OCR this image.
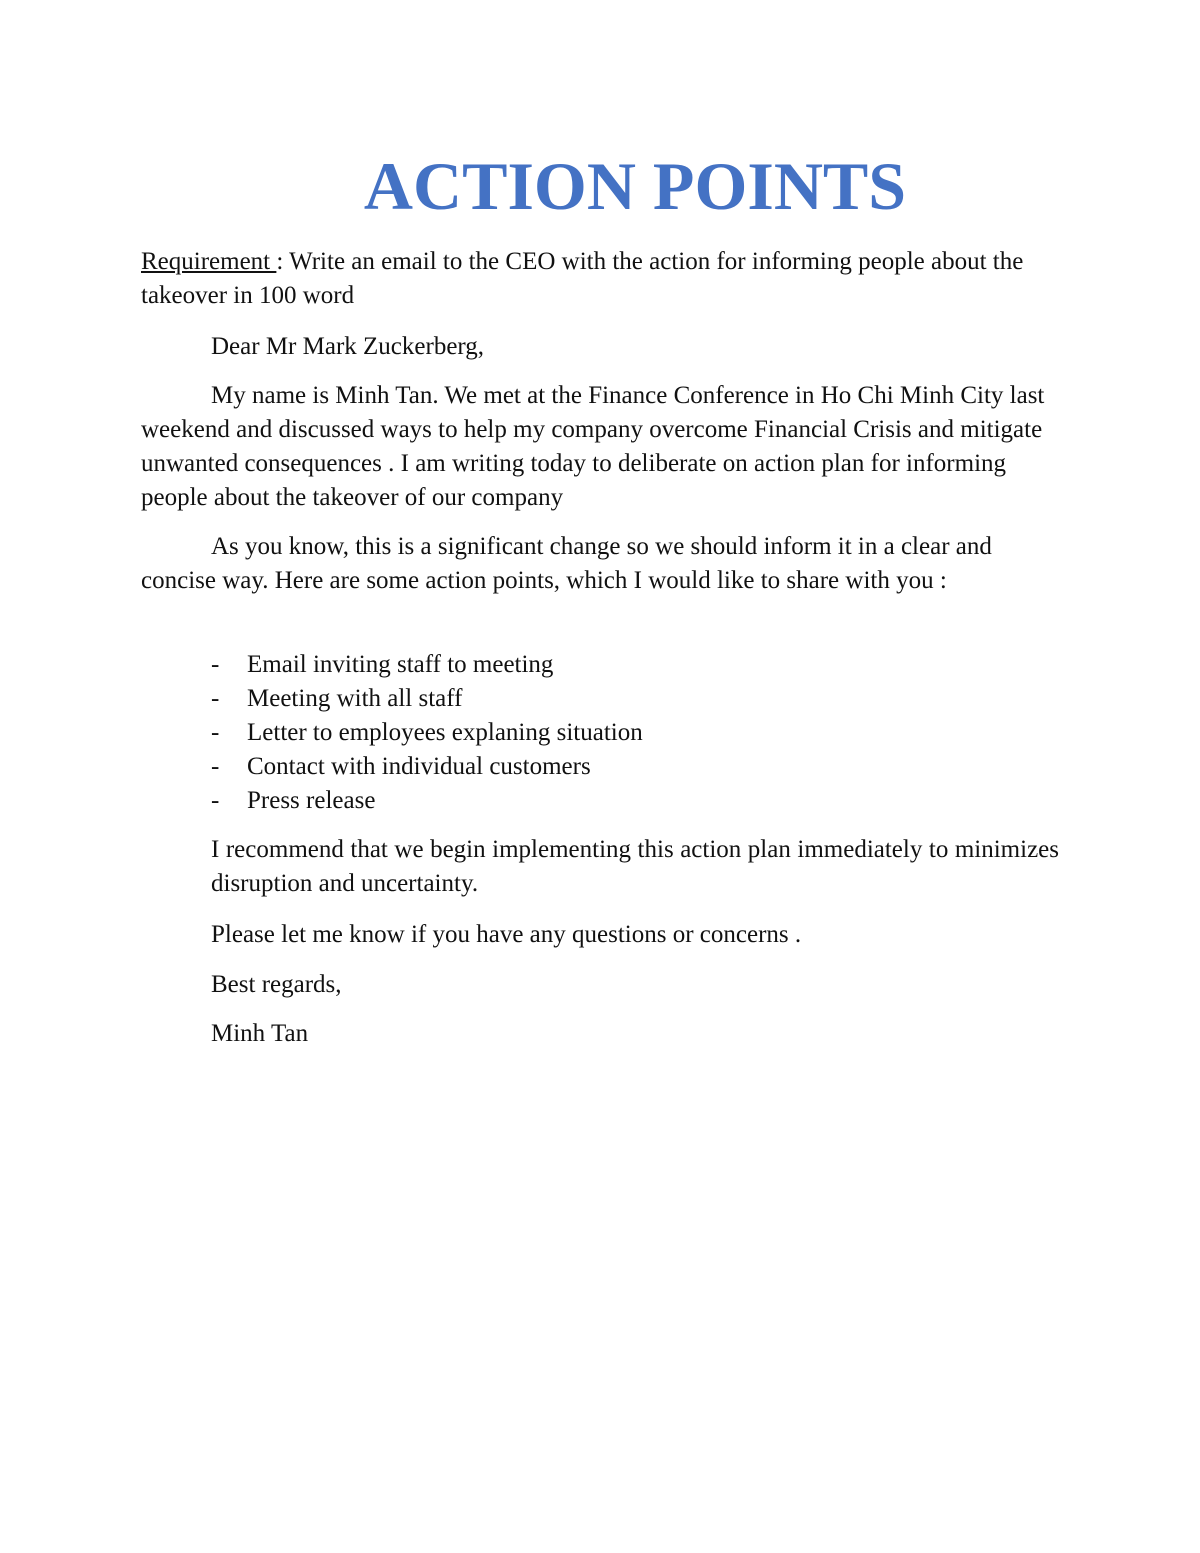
ACTION POINTS

Requirement : Write an email to the CEO with the action for informing people about the takeover in 100 word

Dear Mr Mark Zuckerberg,

My name is Minh Tan. We met at the Finance Conference in Ho Chi Minh City last weekend and discussed ways to help my company overcome Financial Crisis and mitigate unwanted consequences . I am writing today to deliberate on action plan for informing people about the takeover of our company

As you know, this is a significant change so we should inform it in a clear and concise way. Here are some action points, which I would like to share with you :

- Email inviting staff to meeting
- Meeting with all staff
- Letter to employees explaning situation
- Contact with individual customers
- Press release

I recommend that we begin implementing this action plan immediately to minimizes disruption and uncertainty.

Please let me know if you have any questions or concerns .

Best regards,

Minh Tan
